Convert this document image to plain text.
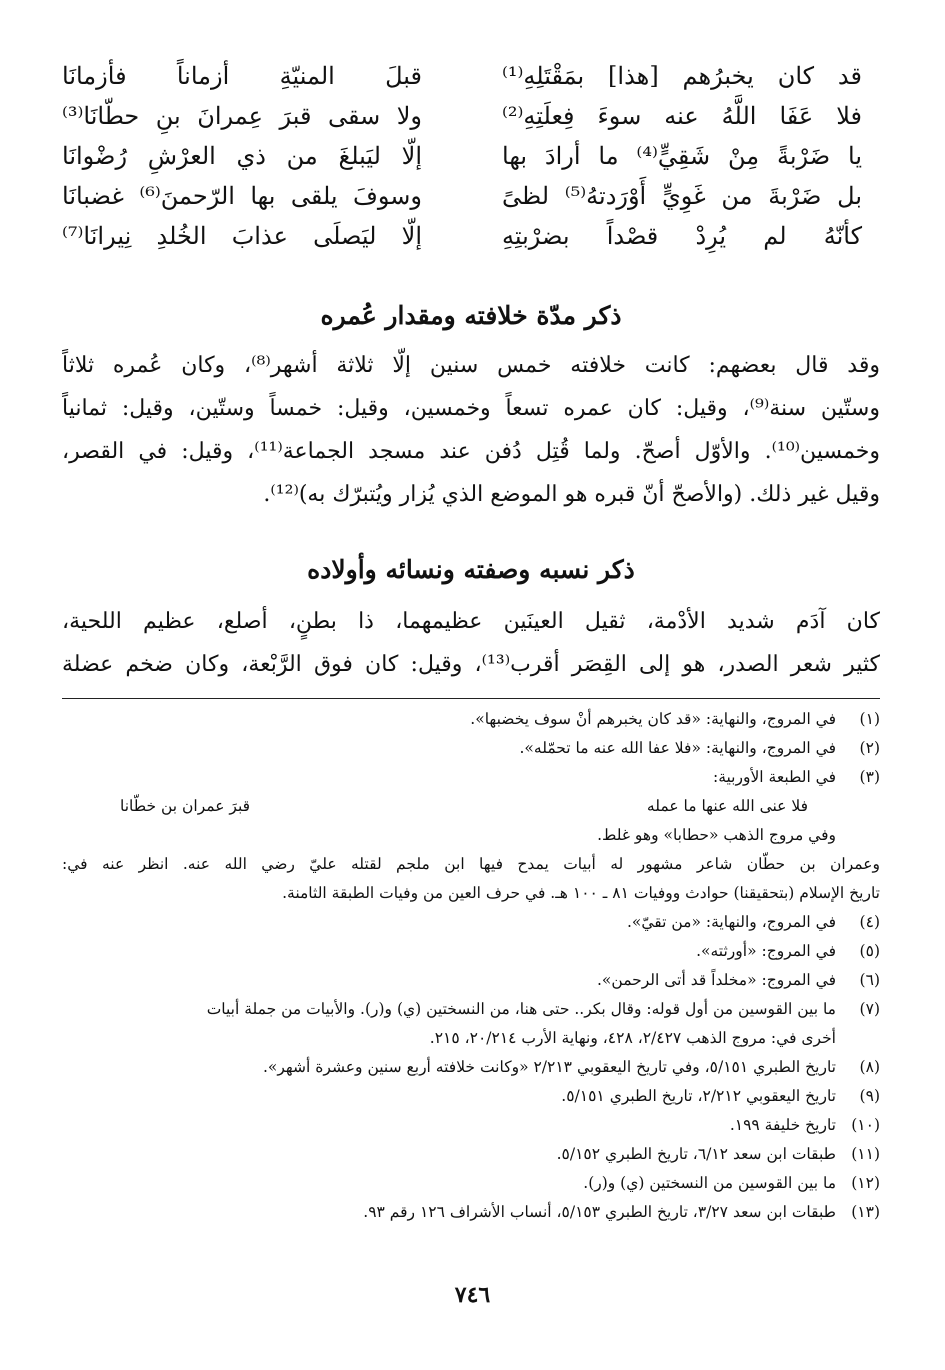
قد كان يخبرُهم [هذا] بمَقْتَلِهِ⁽¹⁾
قبلَ المنيّةِ أزماناً فأزمانَا
فلا عَفَا اللَّهُ عنه سوءَ فِعلَتِهِ⁽²⁾
ولا سقى قبرَ عِمرانَ بنِ حطّانَا⁽³⁾
يا ضَرْبةً مِنْ شَقِيٍّ⁽⁴⁾ ما أرادَ بها
إلّا ليَبلغَ من ذي العرْشِ رُضْوانَا
بل ضَرْبةَ من غَوِيٍّ أَوْرَدتهُ⁽⁵⁾ لظىً
وسوفَ يلقى بها الرّحمنَ⁽⁶⁾ غضبانَا
كأنّهُ لم يُرِدْ قصْداً بضرْبتِهِ
إلّا ليَصلَى عذابَ الخُلدِ نِيرانَا⁽⁷⁾
ذكر مدّة خلافته ومقدار عُمره
وقد قال بعضهم: كانت خلافته خمس سنين إلّا ثلاثة أشهر⁽⁸⁾، وكان عُمره ثلاثاً
وستّين سنة⁽⁹⁾، وقيل: كان عمره تسعاً وخمسين، وقيل: خمساً وستّين، وقيل: ثمانياً
وخمسين⁽¹⁰⁾. والأوّل أصحّ. ولما قُتِل دُفن عند مسجد الجماعة⁽¹¹⁾، وقيل: في القصر،
وقيل غير ذلك. (والأصحّ أنّ قبره هو الموضع الذي يُزار ويُتبرّك به)⁽¹²⁾.
ذكر نسبه وصفته ونسائه وأولاده
كان آدَم شديد الأدْمة، ثقيل العينَين عظيمهما، ذا بطنٍ، أصلع، عظيم اللحية،
كثير شعر الصدر، هو إلى القِصَر أقرب⁽¹³⁾، وقيل: كان فوق الرَّبْعة، وكان ضخم عضلة
(١)
في المروج، والنهاية: «قد كان يخبرهم أنْ سوف يخضبها».
(٢)
في المروج، والنهاية: «فلا عفا الله عنه ما تحمّله».
(٣)
في الطبعة الأوربية:
فلا عنى الله عنها ما عمله
قبرَ عمران بن خطّانا
وفي مروج الذهب «حطابا» وهو غلط.
وعمران بن حطّان شاعر مشهور له أبيات يمدح فيها ابن ملجم لقتله عليّ رضي الله عنه. انظر عنه في:
تاريخ الإسلام (بتحقيقنا) حوادث ووفيات ٨١ ـ ١٠٠ هـ. في حرف العين من وفيات الطبقة الثامنة.
(٤)
في المروج، والنهاية: «من تقيّ».
(٥)
في المروج: «أورثته».
(٦)
في المروج: «مخلداً قد أتى الرحمن».
(٧)
ما بين القوسين من أول قوله: وقال بكر.. حتى هنا، من النسختين (ي) و(ر). والأبيات من جملة أبيات
أخرى في: مروج الذهب ٢/٤٢٧، ٤٢٨، ونهاية الأرب ٢٠/٢١٤، ٢١٥.
(٨)
تاريخ الطبري ٥/١٥١، وفي تاريخ اليعقوبي ٢/٢١٣ «وكانت خلافته أربع سنين وعشرة أشهر».
(٩)
تاريخ اليعقوبي ٢/٢١٢، تاريخ الطبري ٥/١٥١.
(١٠)
تاريخ خليفة ١٩٩.
(١١)
طبقات ابن سعد ٦/١٢، تاريخ الطبري ٥/١٥٢.
(١٢)
ما بين القوسين من النسختين (ي) و(ر).
(١٣)
طبقات ابن سعد ٣/٢٧، تاريخ الطبري ٥/١٥٣، أنساب الأشراف ١٢٦ رقم ٩٣.
٧٤٦
